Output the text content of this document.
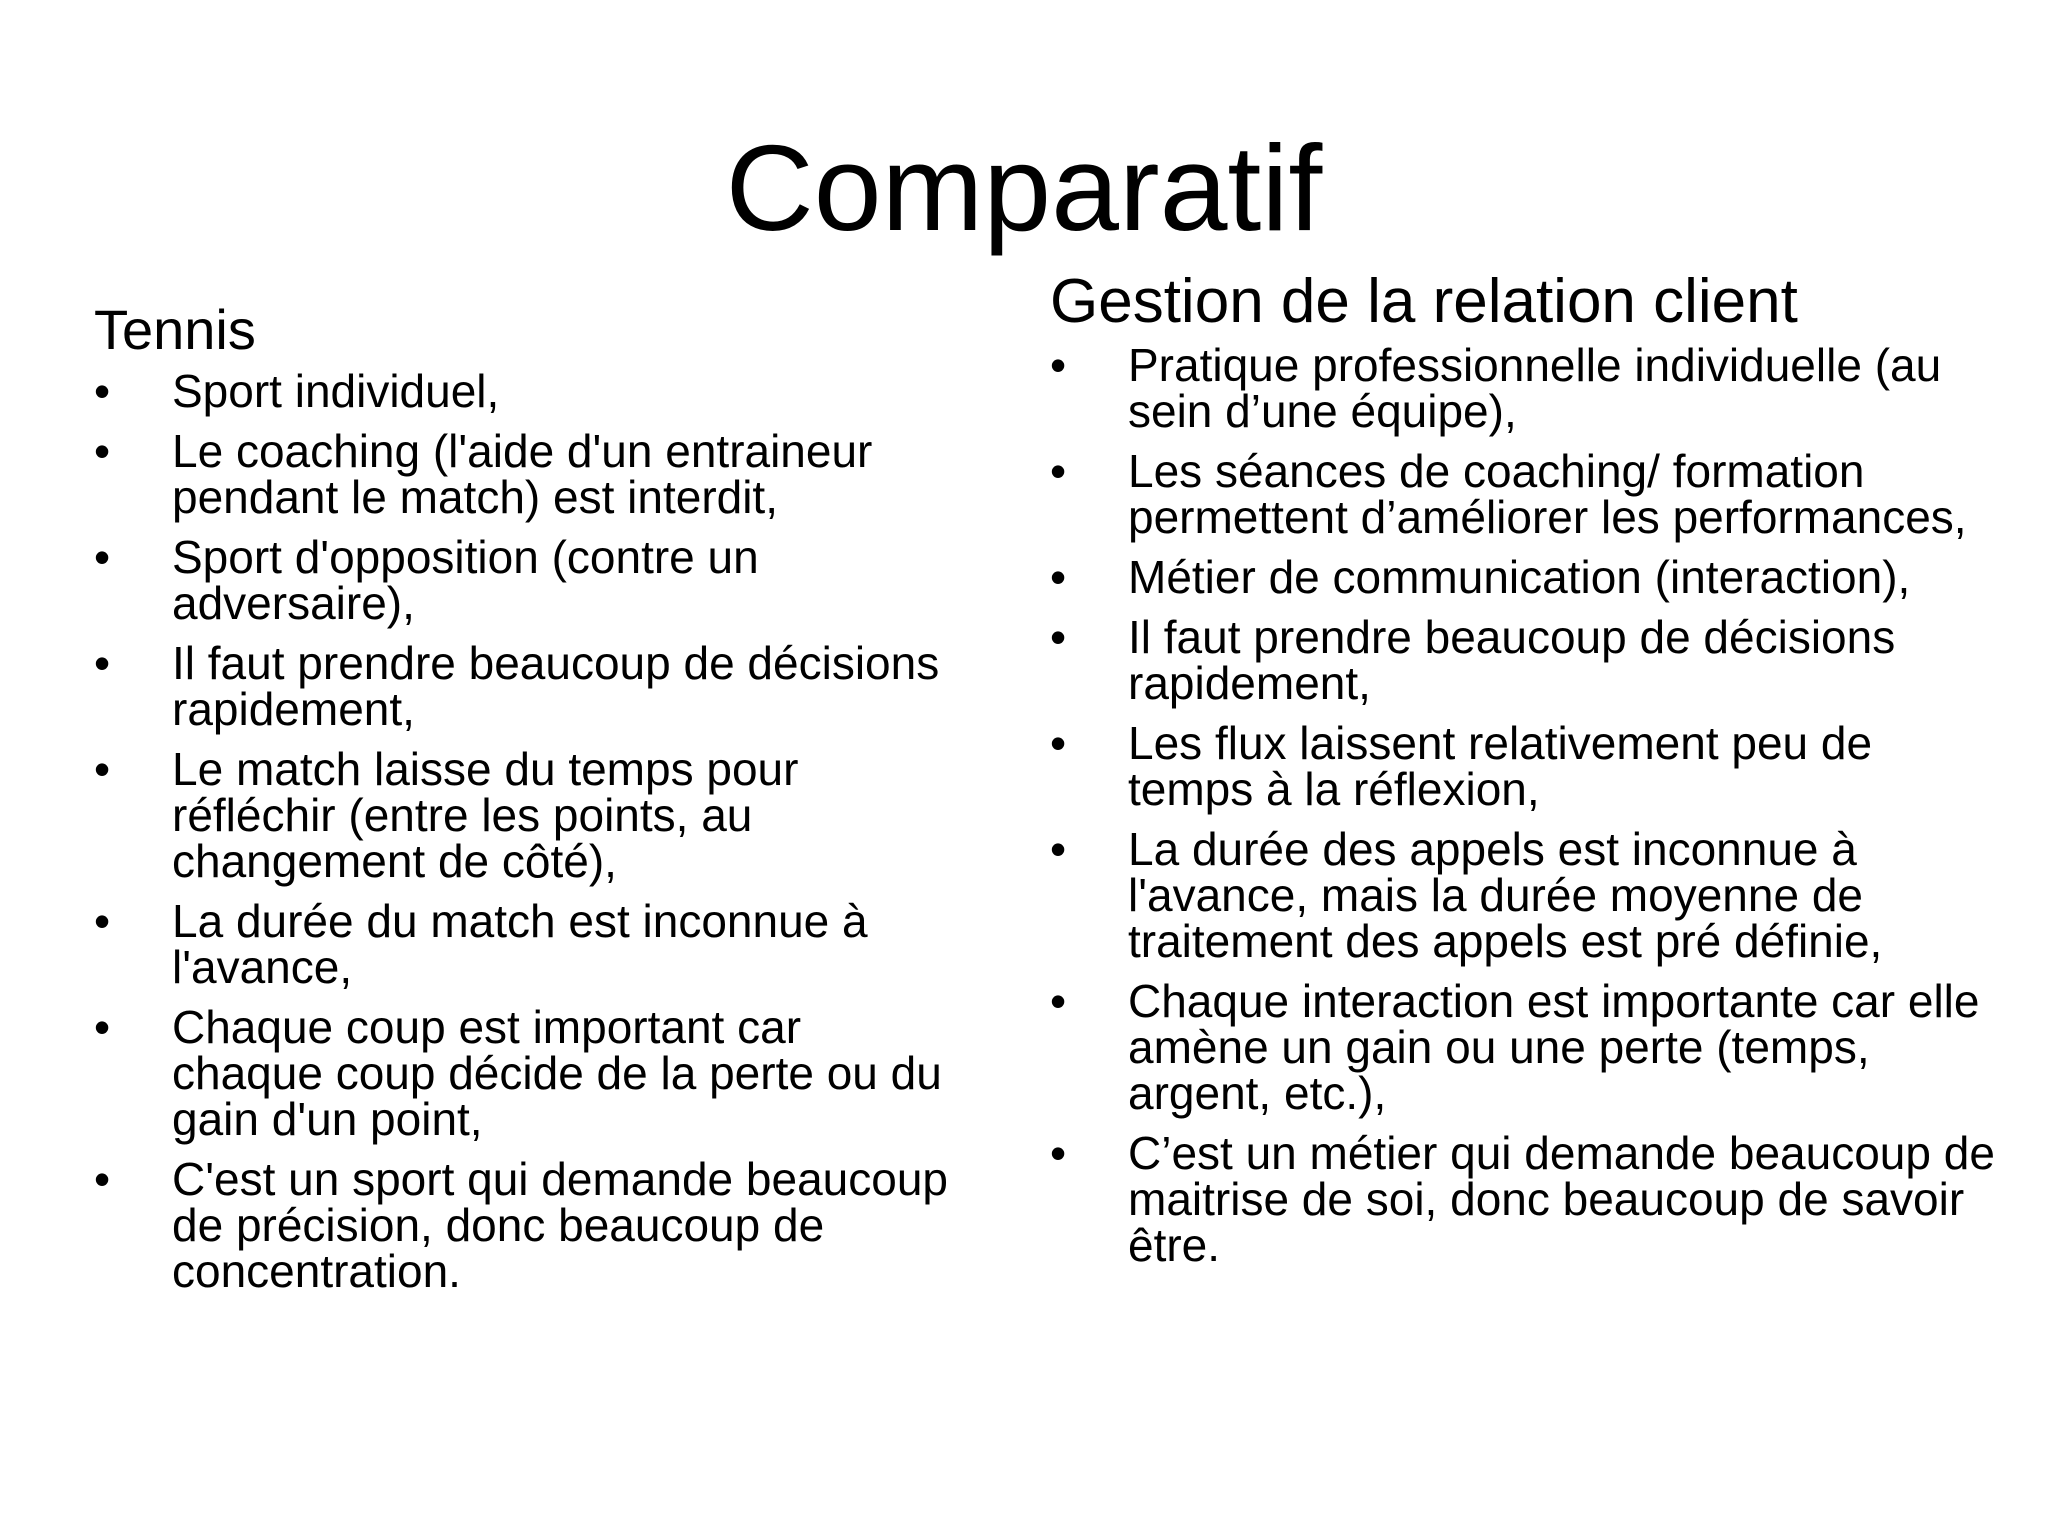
Comparatif
Tennis
•	Sport individuel,
•	Le coaching (l'aide d'un entraineur pendant le match) est interdit,
•	Sport d'opposition (contre un adversaire),
•	Il faut prendre beaucoup de décisions rapidement,
•	Le match laisse du temps pour réfléchir (entre les points, au changement de côté),
•	La durée du match est inconnue à l'avance,
•	Chaque coup est important car chaque coup décide de la perte ou du gain d'un point,
•	C'est un sport qui demande beaucoup de précision, donc beaucoup de concentration.
Gestion de la relation client
•	Pratique professionnelle individuelle (au sein d’une équipe),
•	Les séances de coaching/ formation permettent d’améliorer les performances,
•	Métier de communication (interaction),
•	Il faut prendre beaucoup de décisions rapidement,
•	Les flux laissent relativement peu de temps à la réflexion,
•	La durée des appels est inconnue à l'avance, mais la durée moyenne de traitement des appels est pré définie,
•	Chaque interaction est importante car elle amène un gain ou une perte (temps, argent, etc.),
•	C’est un métier qui demande beaucoup de maitrise de soi, donc beaucoup de savoir être.
